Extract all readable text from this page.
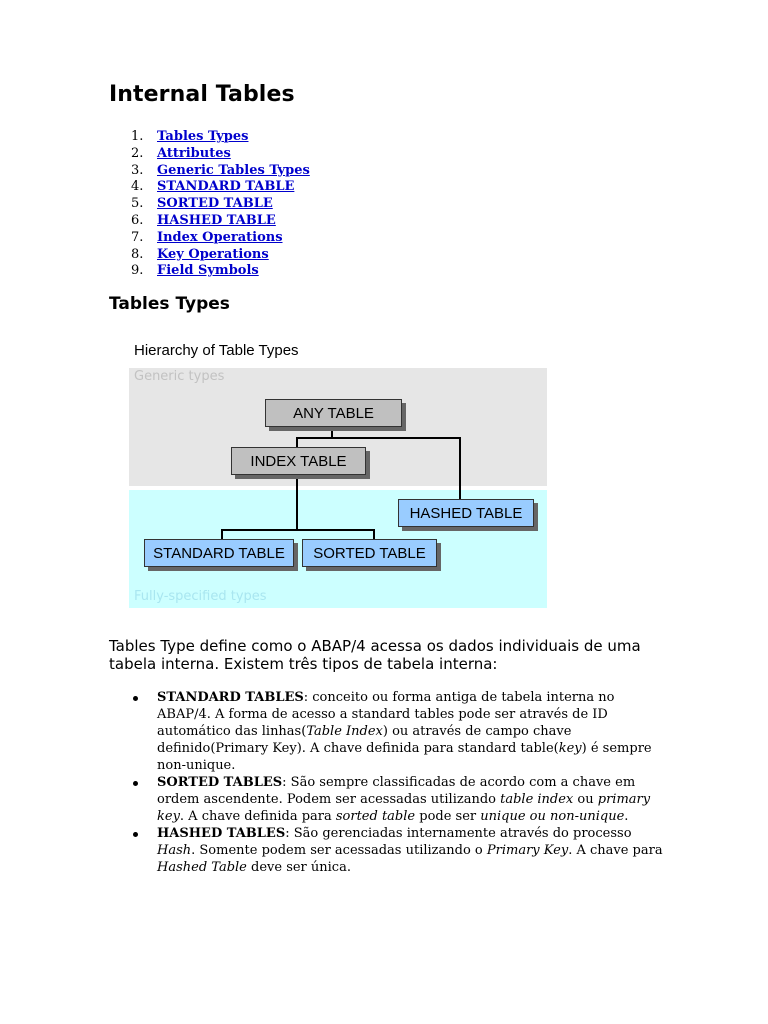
Internal Tables
1.	Tables Types
2.	Attributes
3.	Generic Tables Types
4.	STANDARD TABLE
5.	SORTED TABLE
6.	HASHED TABLE
7.	Index Operations
8.	Key Operations
9.	Field Symbols
Tables Types
Hierarchy of Table Types
Generic types
Fully-specified types
ANY TABLE
INDEX TABLE
HASHED TABLE
STANDARD TABLE	SORTED TABLE

Tables Type define como o ABAP/4 acessa os dados individuais de uma tabela interna. Existem três tipos de tabela interna:

STANDARD TABLES: conceito ou forma antiga de tabela interna no ABAP/4. A forma de acesso a standard tables pode ser através de ID automático das linhas(Table Index) ou através de campo chave definido(Primary Key). A chave definida para standard table(key) é sempre non-unique.
SORTED TABLES: São sempre classificadas de acordo com a chave em ordem ascendente. Podem ser acessadas utilizando table index ou primary key. A chave definida para sorted table pode ser unique ou non-unique.
HASHED TABLES: São gerenciadas internamente através do processo Hash. Somente podem ser acessadas utilizando o Primary Key. A chave para Hashed Table deve ser única.
